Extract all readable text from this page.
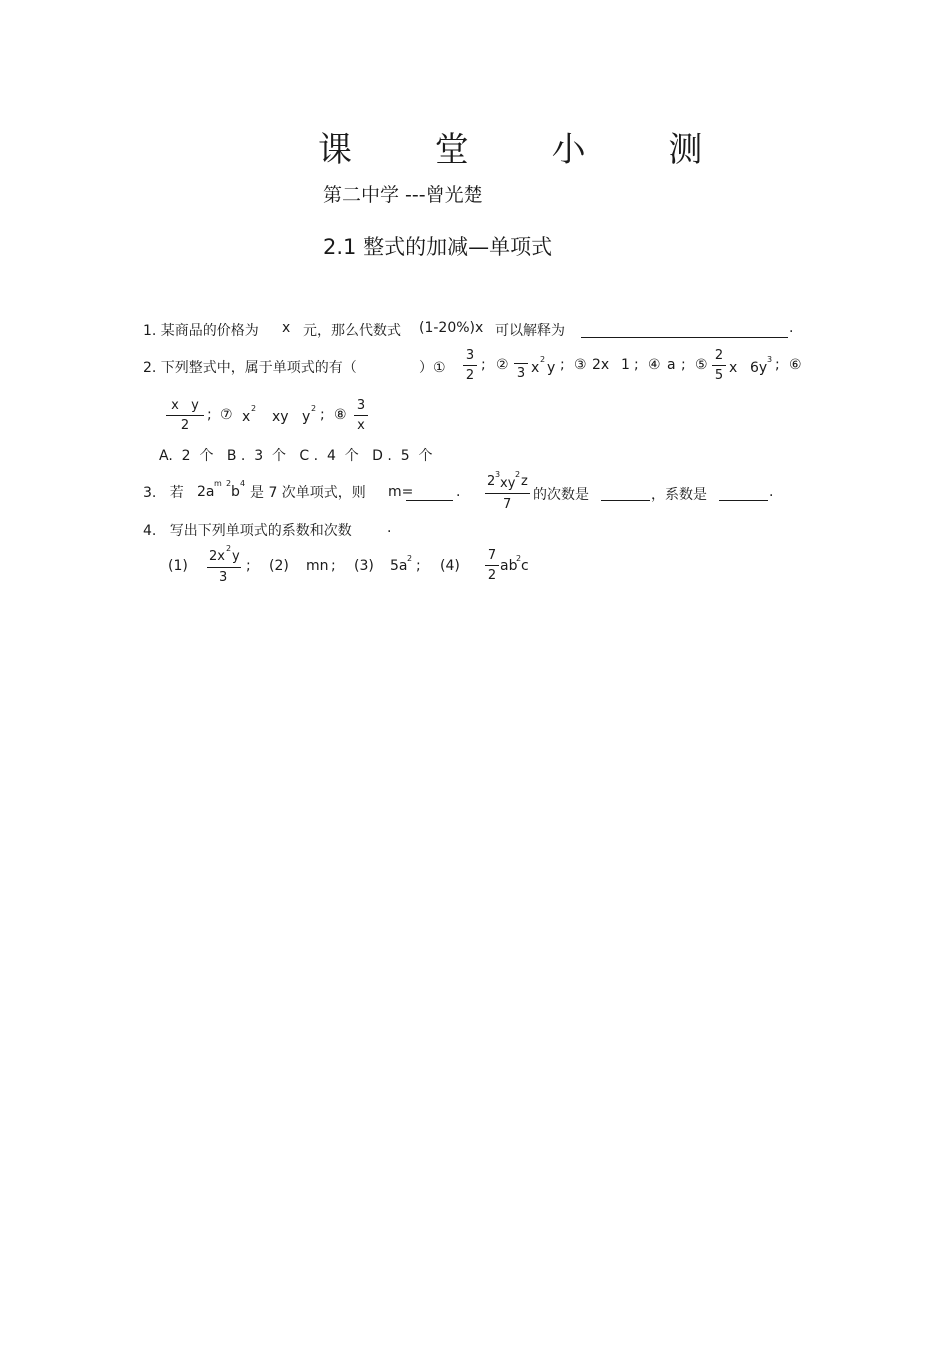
课 堂 小 测
第二中学 ---曾光楚
2.1 整式的加减—单项式
1. 某商品的价格为 x 元，那么代数式 (1-20%)x 可以解释为	.
2. 下列整式中，属于单项式的有（	）①
3
2
; ②
3 x
2
y ; ③ 2x 1 ; ④ a ; ⑤
2
5 x 6y
3 ; ⑥
x   y
2
; ⑦ x
2
xy y
2 ; ⑧
3
x
A.  2  个   B .  3  个   C .  4  个   D .  5  个
3.   若 2a
m 2
b
4
是 7 次单项式，则 m=	.
2 3
xy
2 z
7
的次数是	，系数是	.
4.   写出下列单项式的系数和次数	.
(1)
2x
2
y
3
; (2) mn ; (3) 5a 2 ; (4)
7
2
ab
2 c
